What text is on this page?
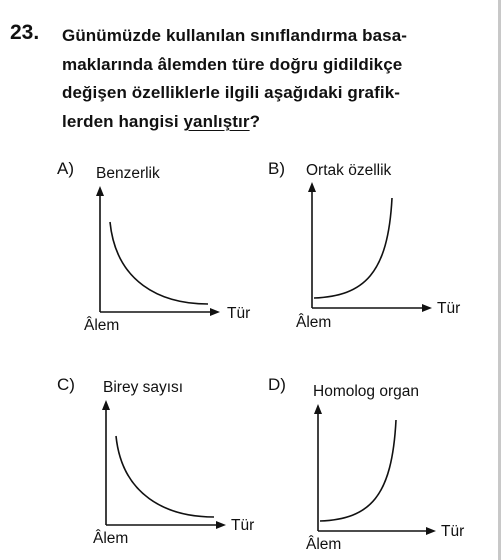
23. Günümüzde kullanılan sınıflandırma basa-
maklarında âlemden türe doğru gidildikçe
değişen özelliklerle ilgili aşağıdaki grafik-
lerden hangisi yanlıştır?
A) Benzerlik
Âlem
Tür
B) Ortak özellik
Âlem
Tür
C) Birey sayısı
Âlem
Tür
D) Homolog organ
Âlem
Tür
